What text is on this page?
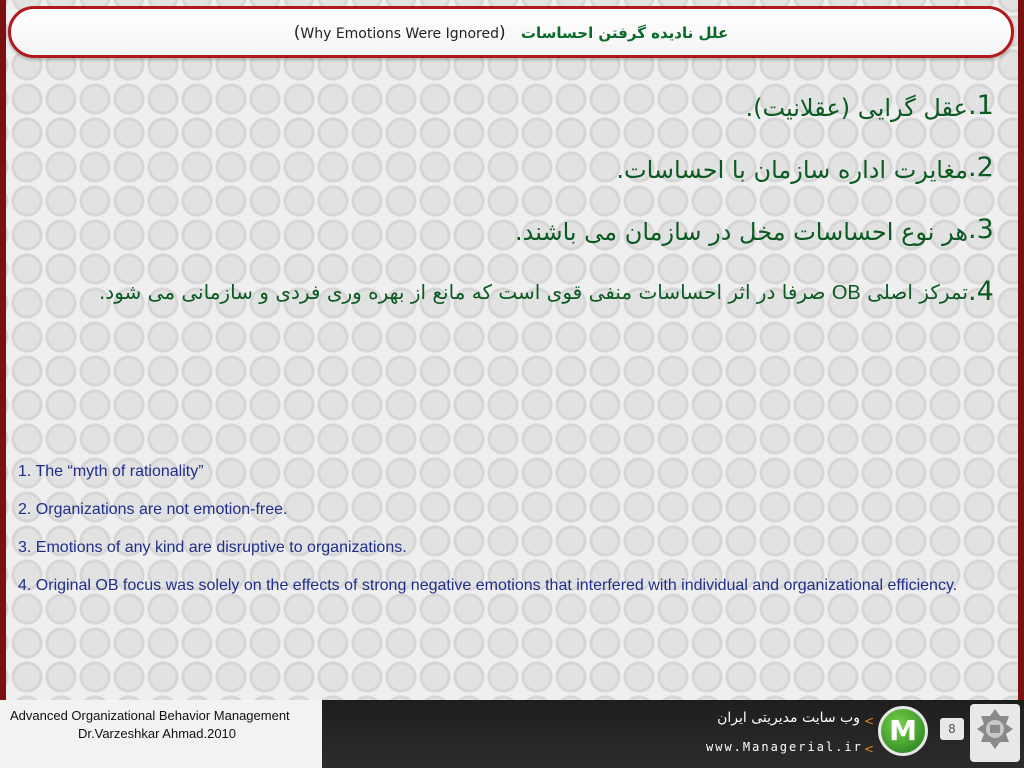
(Why Emotions Were Ignored) علل نادیده گرفتن احساسات
.1
عقل گرایی (عقلانیت).
.2
مغایرت اداره سازمان با احساسات.
.3
هر نوع احساسات مخل در سازمان می باشند.
.4
تمرکز اصلی OB صرفا در اثر احساسات منفی قوی است که مانع از بهره وری فردی و سازمانی می شود.
1. The “myth of rationality”
2. Organizations are not emotion-free.
3. Emotions of any kind are disruptive to organizations.
4. Original OB focus was solely on the effects of strong negative emotions that interfered with individual and organizational efficiency.
Advanced Organizational Behavior Management
Dr.Varzeshkar Ahmad.2010
<
وب سایت مدیریتی ایران
<
www.Managerial.ir M	8
